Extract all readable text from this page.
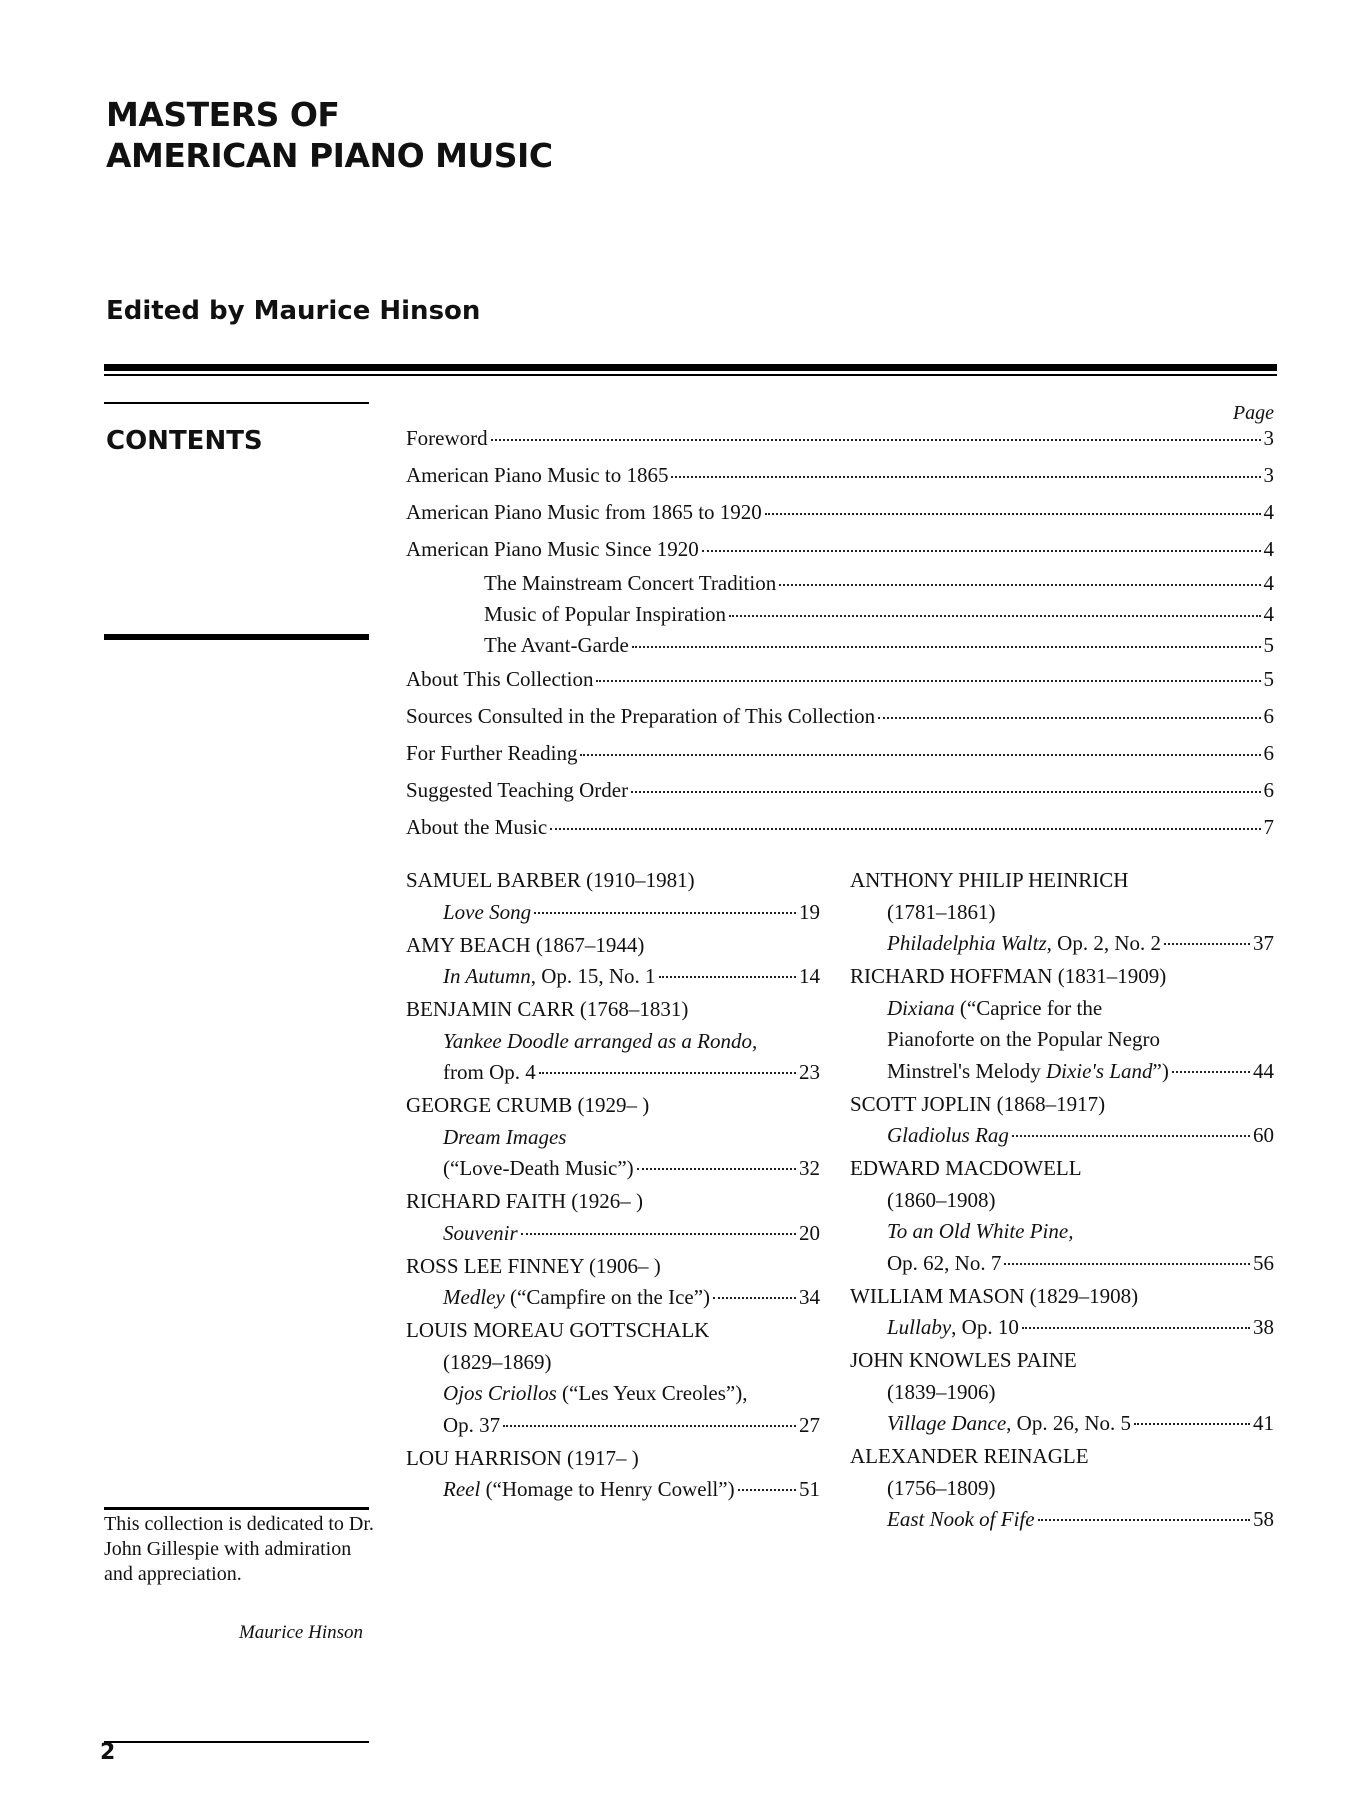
MASTERS OF
AMERICAN PIANO MUSIC
Edited by Maurice Hinson
CONTENTS
Page
Foreword	3
American Piano Music to 1865	3
American Piano Music from 1865 to 1920	4
American Piano Music Since 1920	4
The Mainstream Concert Tradition	4
Music of Popular Inspiration	4
The Avant-Garde	5
About This Collection	5
Sources Consulted in the Preparation of This Collection	6
For Further Reading	6
Suggested Teaching Order	6
About the Music	7
SAMUEL BARBER (1910–1981)
Love Song	19
AMY BEACH (1867–1944)
In Autumn, Op. 15, No. 1	14
BENJAMIN CARR (1768–1831)
Yankee Doodle arranged as a Rondo,
from Op. 4	23
GEORGE CRUMB (1929– )
Dream Images
(“Love-Death Music”)	32
RICHARD FAITH (1926– )
Souvenir	20
ROSS LEE FINNEY (1906– )
Medley (“Campfire on the Ice”)	34
LOUIS MOREAU GOTTSCHALK
(1829–1869)
Ojos Criollos (“Les Yeux Creoles”),
Op. 37	27
LOU HARRISON (1917– )
Reel (“Homage to Henry Cowell”)	51
ANTHONY PHILIP HEINRICH
(1781–1861)
Philadelphia Waltz, Op. 2, No. 2	37
RICHARD HOFFMAN (1831–1909)
Dixiana (“Caprice for the
Pianoforte on the Popular Negro
Minstrel's Melody Dixie's Land”)	44
SCOTT JOPLIN (1868–1917)
Gladiolus Rag	60
EDWARD MACDOWELL
(1860–1908)
To an Old White Pine,
Op. 62, No. 7	56
WILLIAM MASON (1829–1908)
Lullaby, Op. 10	38
JOHN KNOWLES PAINE
(1839–1906)
Village Dance, Op. 26, No. 5	41
ALEXANDER REINAGLE
(1756–1809)
East Nook of Fife	58
This collection is dedicated to Dr. John Gillespie with admiration and appreciation.
Maurice Hinson
2
